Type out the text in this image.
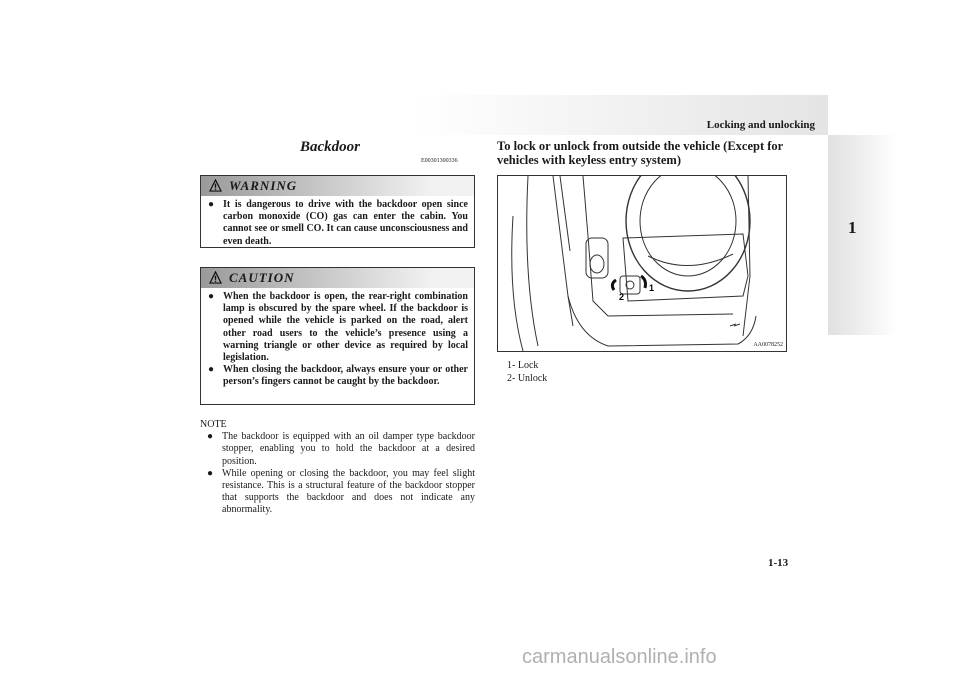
Locking and unlocking
1
Backdoor
E00301300336
WARNING
● It is dangerous to drive with the backdoor open since carbon monoxide (CO) gas can enter the cabin. You cannot see or smell CO. It can cause unconsciousness and even death.
CAUTION
● When the backdoor is open, the rear-right combination lamp is obscured by the spare wheel. If the backdoor is opened while the vehicle is parked on the road, alert other road users to the vehicle’s presence using a warning triangle or other device as required by local legislation.
● When closing the backdoor, always ensure your or other person’s fingers cannot be caught by the backdoor.
NOTE
● The backdoor is equipped with an oil damper type backdoor stopper, enabling you to hold the backdoor at a desired position.
● While opening or closing the backdoor, you may feel slight resistance. This is a structural feature of the backdoor stopper that supports the backdoor and does not indicate any abnormality.
To lock or unlock from outside the vehicle (Except for vehicles with keyless entry system)
2
1
AA0078252
1- Lock
2- Unlock
1-13
carmanualsonline.info
